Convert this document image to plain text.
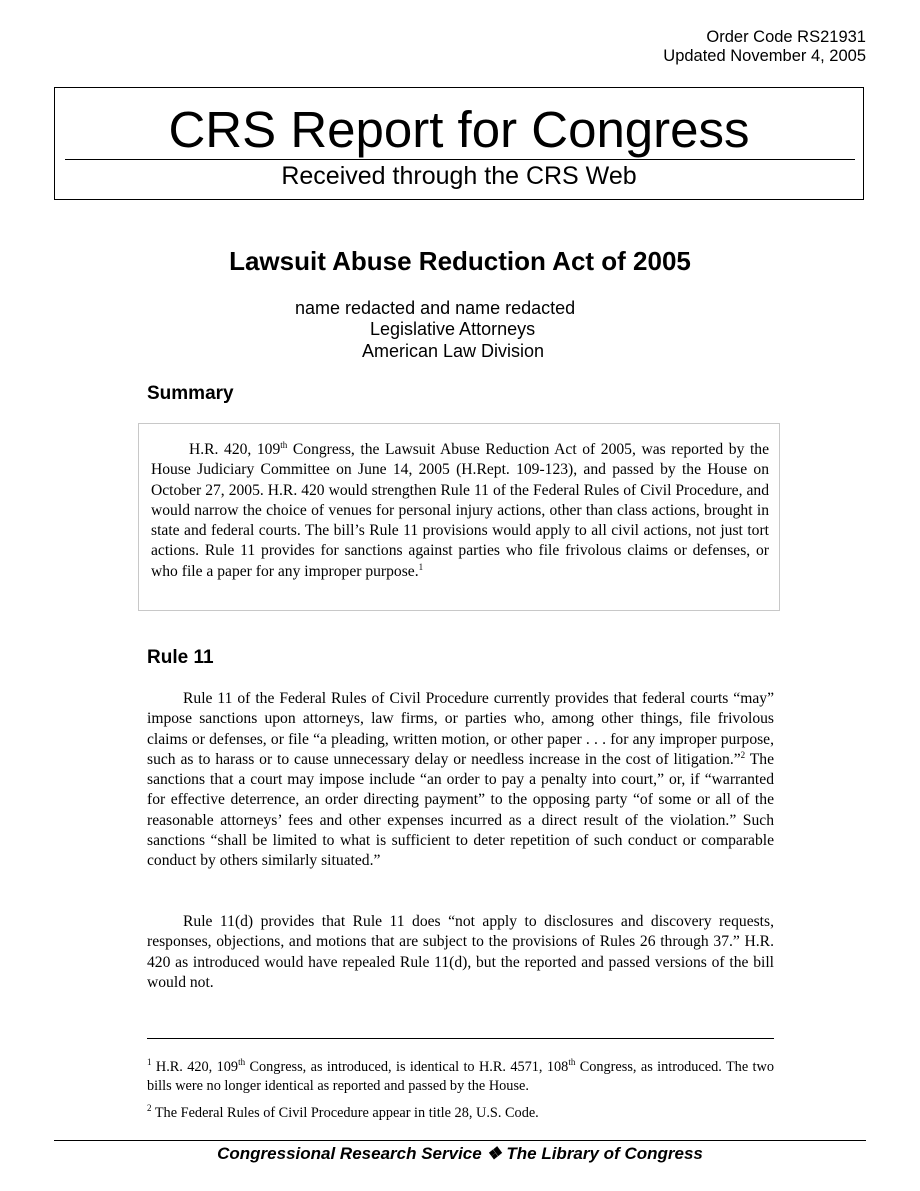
Order Code RS21931
Updated November 4, 2005
CRS Report for Congress
Received through the CRS Web
Lawsuit Abuse Reduction Act of 2005
name redacted and name redacted
Legislative Attorneys
American Law Division
Summary

H.R. 420, 109th Congress, the Lawsuit Abuse Reduction Act of 2005, was reported by the House Judiciary Committee on June 14, 2005 (H.Rept. 109-123), and passed by the House on October 27, 2005. H.R. 420 would strengthen Rule 11 of the Federal Rules of Civil Procedure, and would narrow the choice of venues for personal injury actions, other than class actions, brought in state and federal courts. The bill’s Rule 11 provisions would apply to all civil actions, not just tort actions. Rule 11 provides for sanctions against parties who file frivolous claims or defenses, or who file a paper for any improper purpose.$^1$

Rule 11

Rule 11 of the Federal Rules of Civil Procedure currently provides that federal courts “may” impose sanctions upon attorneys, law firms, or parties who, among other things, file frivolous claims or defenses, or file “a pleading, written motion, or other paper . . . for any improper purpose, such as to harass or to cause unnecessary delay or needless increase in the cost of litigation.”$^2$ The sanctions that a court may impose include “an order to pay a penalty into court,” or, if “warranted for effective deterrence, an order directing payment” to the opposing party “of some or all of the reasonable attorneys’ fees and other expenses incurred as a direct result of the violation.” Such sanctions “shall be limited to what is sufficient to deter repetition of such conduct or comparable conduct by others similarly situated.”

Rule 11(d) provides that Rule 11 does “not apply to disclosures and discovery requests, responses, objections, and motions that are subject to the provisions of Rules 26 through 37.” H.R. 420 as introduced would have repealed Rule 11(d), but the reported and passed versions of the bill would not.

$^1$ H.R. 420, 109th Congress, as introduced, is identical to H.R. 4571, 108th Congress, as introduced. The two bills were no longer identical as reported and passed by the House.

$^2$ The Federal Rules of Civil Procedure appear in title 28, U.S. Code.

Congressional Research Service ❖ The Library of Congress
